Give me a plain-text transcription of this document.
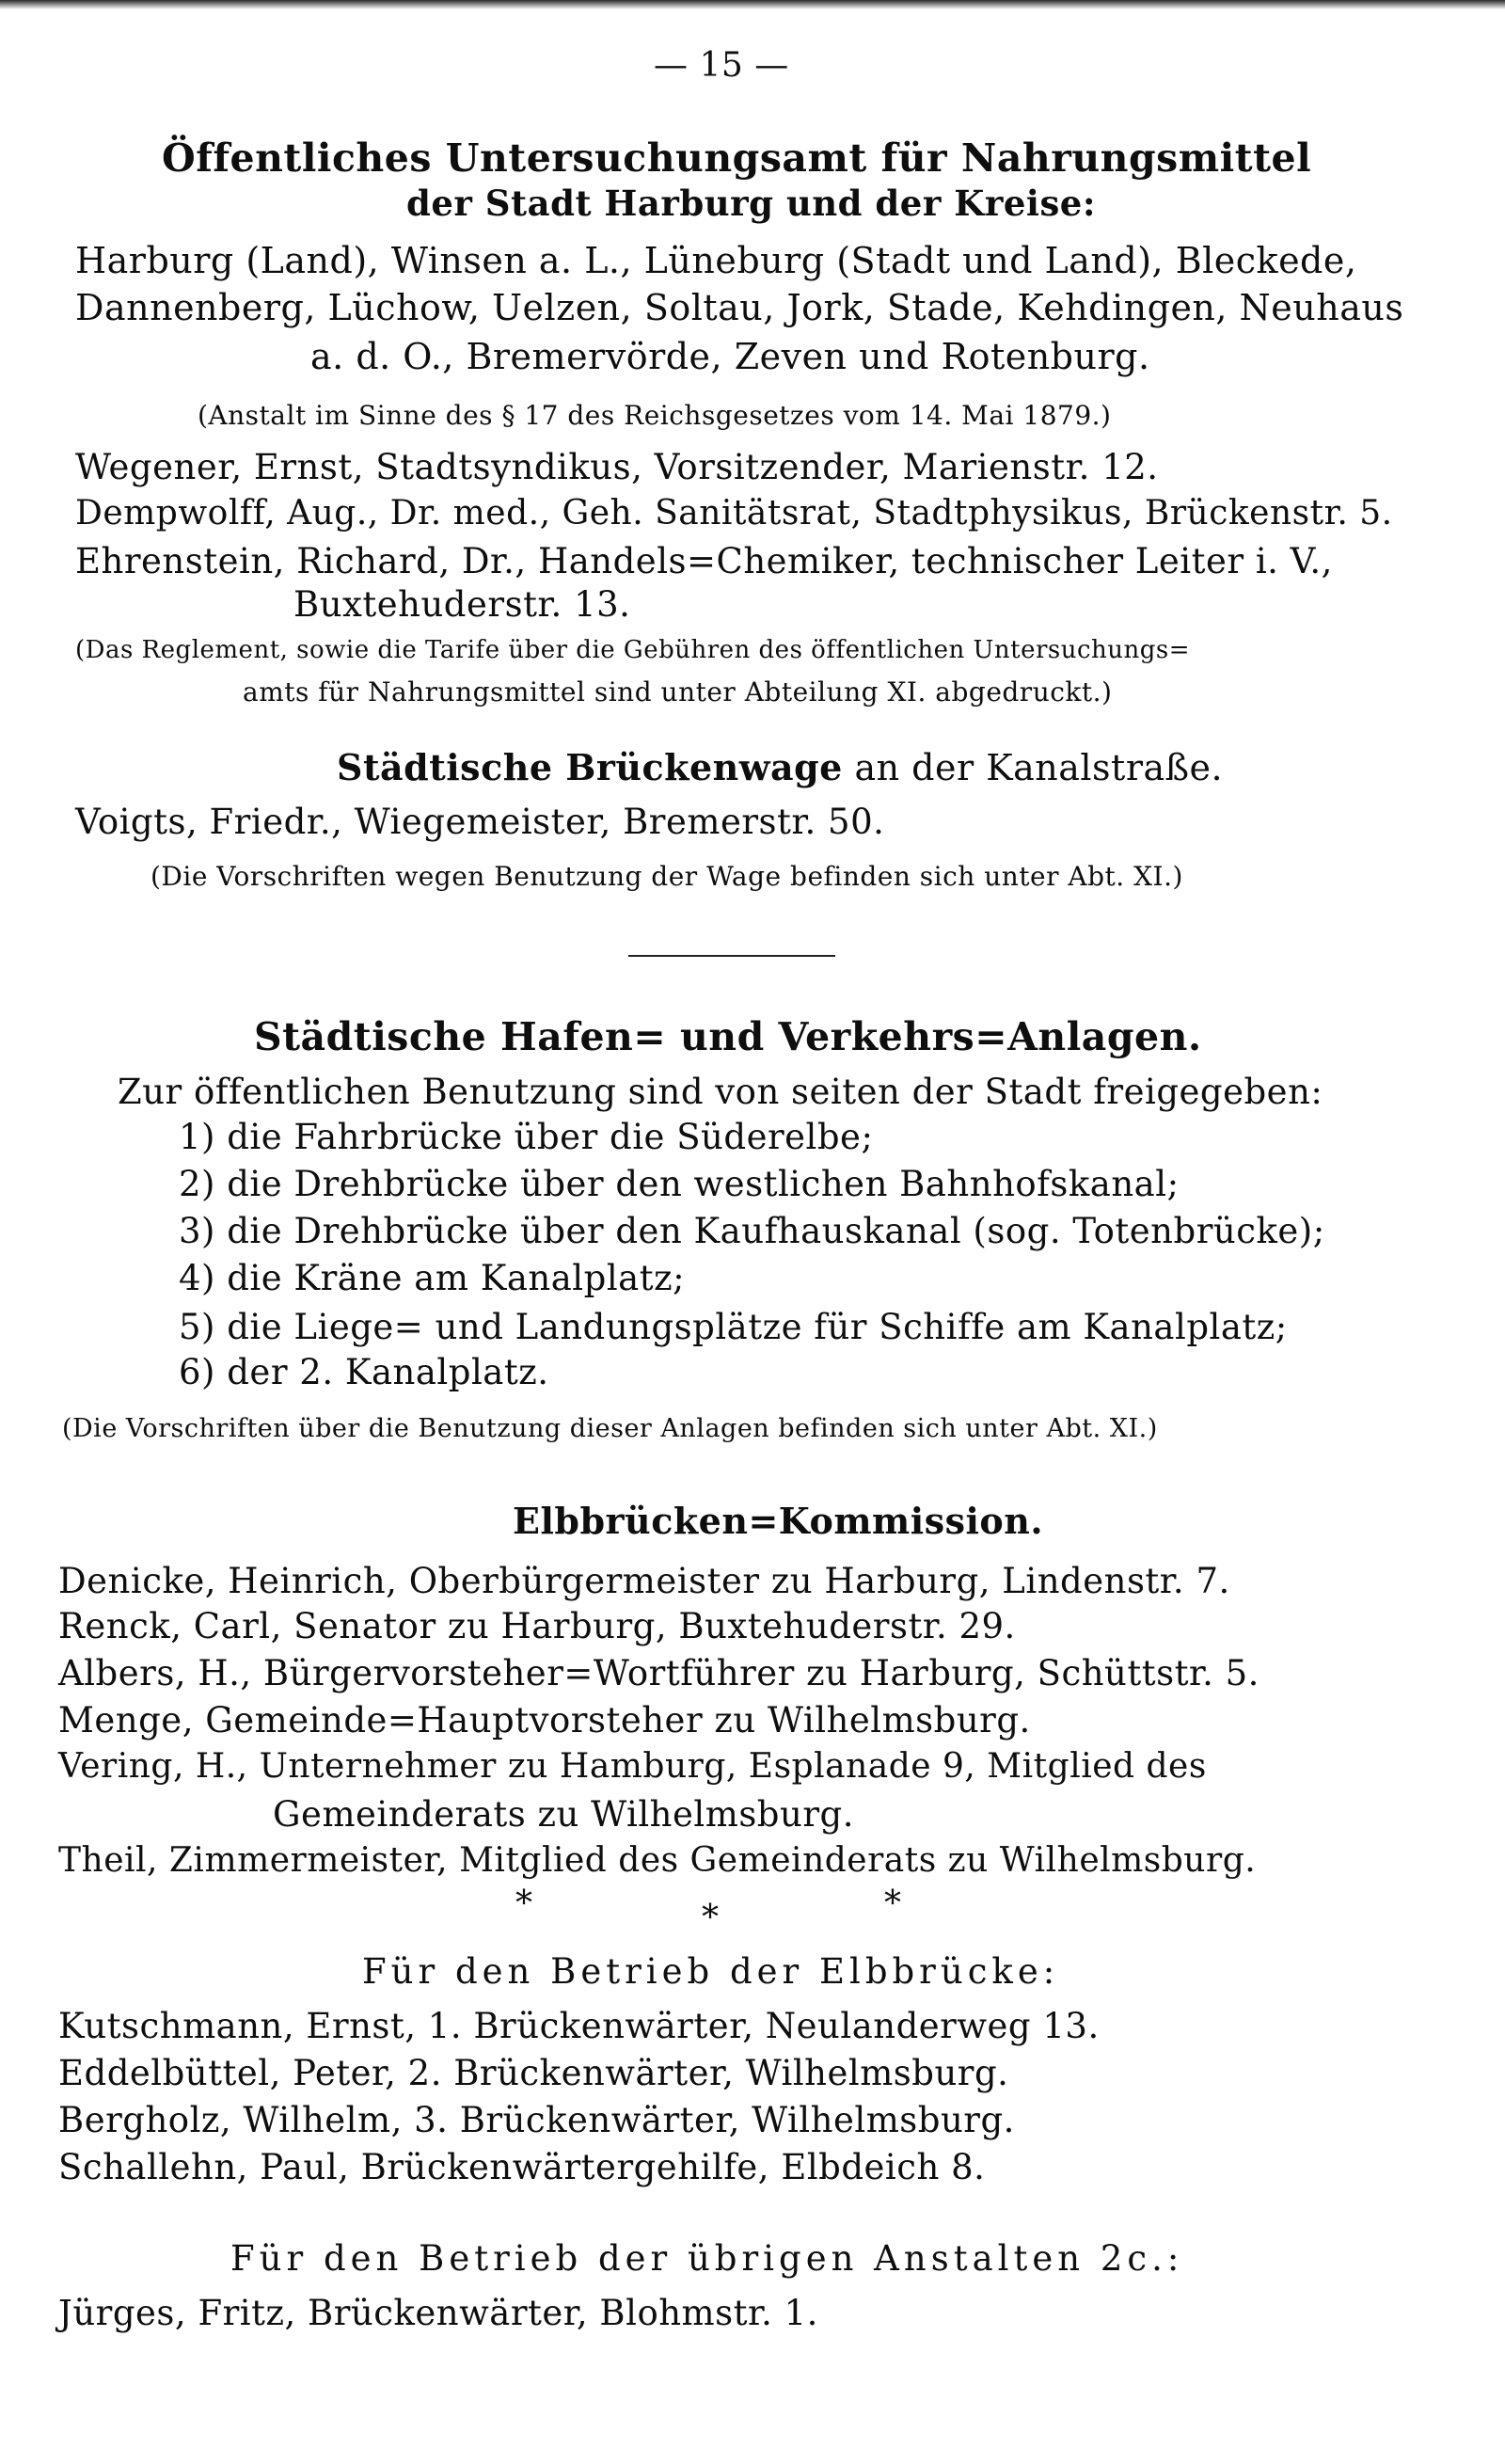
— 15 —
Öffentliches Untersuchungsamt für Nahrungsmittel
der Stadt Harburg und der Kreise:
Harburg (Land), Winsen a. L., Lüneburg (Stadt und Land), Bleckede,
Dannenberg, Lüchow, Uelzen, Soltau, Jork, Stade, Kehdingen, Neuhaus
a. d. O., Bremervörde, Zeven und Rotenburg.
(Anstalt im Sinne des § 17 des Reichsgesetzes vom 14. Mai 1879.)
Wegener, Ernst, Stadtsyndikus, Vorsitzender, Marienstr. 12.
Dempwolff, Aug., Dr. med., Geh. Sanitätsrat, Stadtphysikus, Brückenstr. 5.
Ehrenstein, Richard, Dr., Handels=Chemiker, technischer Leiter i. V.,
Buxtehuderstr. 13.
(Das Reglement, sowie die Tarife über die Gebühren des öffentlichen Untersuchungs=
amts für Nahrungsmittel sind unter Abteilung XI. abgedruckt.)
Städtische Brückenwage an der Kanalstraße.
Voigts, Friedr., Wiegemeister, Bremerstr. 50.
(Die Vorschriften wegen Benutzung der Wage befinden sich unter Abt. XI.)
Städtische Hafen= und Verkehrs=Anlagen.
Zur öffentlichen Benutzung sind von seiten der Stadt freigegeben:
1) die Fahrbrücke über die Süderelbe;
2) die Drehbrücke über den westlichen Bahnhofskanal;
3) die Drehbrücke über den Kaufhauskanal (sog. Totenbrücke);
4) die Kräne am Kanalplatz;
5) die Liege= und Landungsplätze für Schiffe am Kanalplatz;
6) der 2. Kanalplatz.
(Die Vorschriften über die Benutzung dieser Anlagen befinden sich unter Abt. XI.)
Elbbrücken=Kommission.
Denicke, Heinrich, Oberbürgermeister zu Harburg, Lindenstr. 7.
Renck, Carl, Senator zu Harburg, Buxtehuderstr. 29.
Albers, H., Bürgervorsteher=Wortführer zu Harburg, Schüttstr. 5.
Menge, Gemeinde=Hauptvorsteher zu Wilhelmsburg.
Vering, H., Unternehmer zu Hamburg, Esplanade 9, Mitglied des
Gemeinderats zu Wilhelmsburg.
Theil, Zimmermeister, Mitglied des Gemeinderats zu Wilhelmsburg.
*	*	*
Für den Betrieb der Elbbrücke:
Kutschmann, Ernst, 1. Brückenwärter, Neulanderweg 13.
Eddelbüttel, Peter, 2. Brückenwärter, Wilhelmsburg.
Bergholz, Wilhelm, 3. Brückenwärter, Wilhelmsburg.
Schallehn, Paul, Brückenwärtergehilfe, Elbdeich 8.
Für den Betrieb der übrigen Anstalten 2c.:
Jürges, Fritz, Brückenwärter, Blohmstr. 1.
